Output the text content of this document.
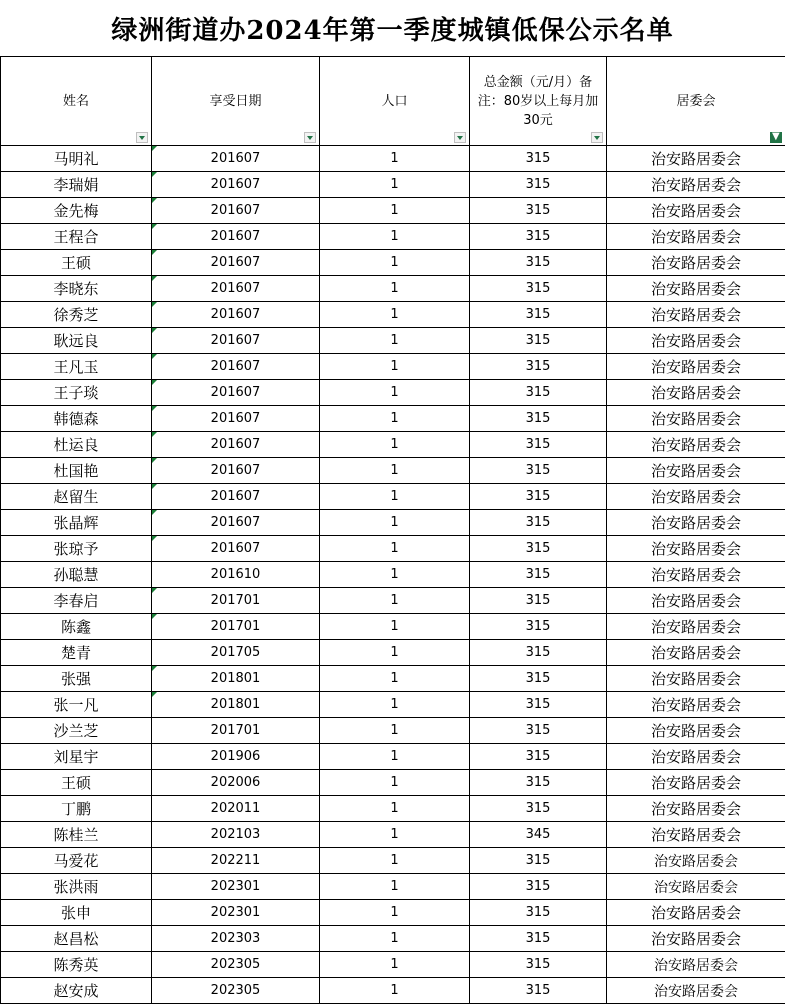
绿洲街道办2024年第一季度城镇低保公示名单
姓名	享受日期	人口	总金额（元/月）备注：80岁以上每月加30元	居委会
▼

马明礼	201607	1	315	治安路居委会
李瑞娟	201607	1	315	治安路居委会
金先梅	201607	1	315	治安路居委会
王程合	201607	1	315	治安路居委会
王硕	201607	1	315	治安路居委会
李晓东	201607	1	315	治安路居委会
徐秀芝	201607	1	315	治安路居委会
耿远良	201607	1	315	治安路居委会
王凡玉	201607	1	315	治安路居委会
王子琰	201607	1	315	治安路居委会
韩德森	201607	1	315	治安路居委会
杜运良	201607	1	315	治安路居委会
杜国艳	201607	1	315	治安路居委会
赵留生	201607	1	315	治安路居委会
张晶辉	201607	1	315	治安路居委会
张琼予	201607	1	315	治安路居委会
孙聪慧	201610	1	315	治安路居委会
李春启	201701	1	315	治安路居委会
陈鑫	201701	1	315	治安路居委会
楚青	201705	1	315	治安路居委会
张强	201801	1	315	治安路居委会
张一凡	201801	1	315	治安路居委会
沙兰芝	201701	1	315	治安路居委会
刘星宇	201906	1	315	治安路居委会
王硕	202006	1	315	治安路居委会
丁鹏	202011	1	315	治安路居委会
陈桂兰	202103	1	345	治安路居委会
马爱花	202211	1	315	治安路居委会
张洪雨	202301	1	315	治安路居委会
张申	202301	1	315	治安路居委会
赵昌松	202303	1	315	治安路居委会
陈秀英	202305	1	315	治安路居委会
赵安成	202305	1	315	治安路居委会
